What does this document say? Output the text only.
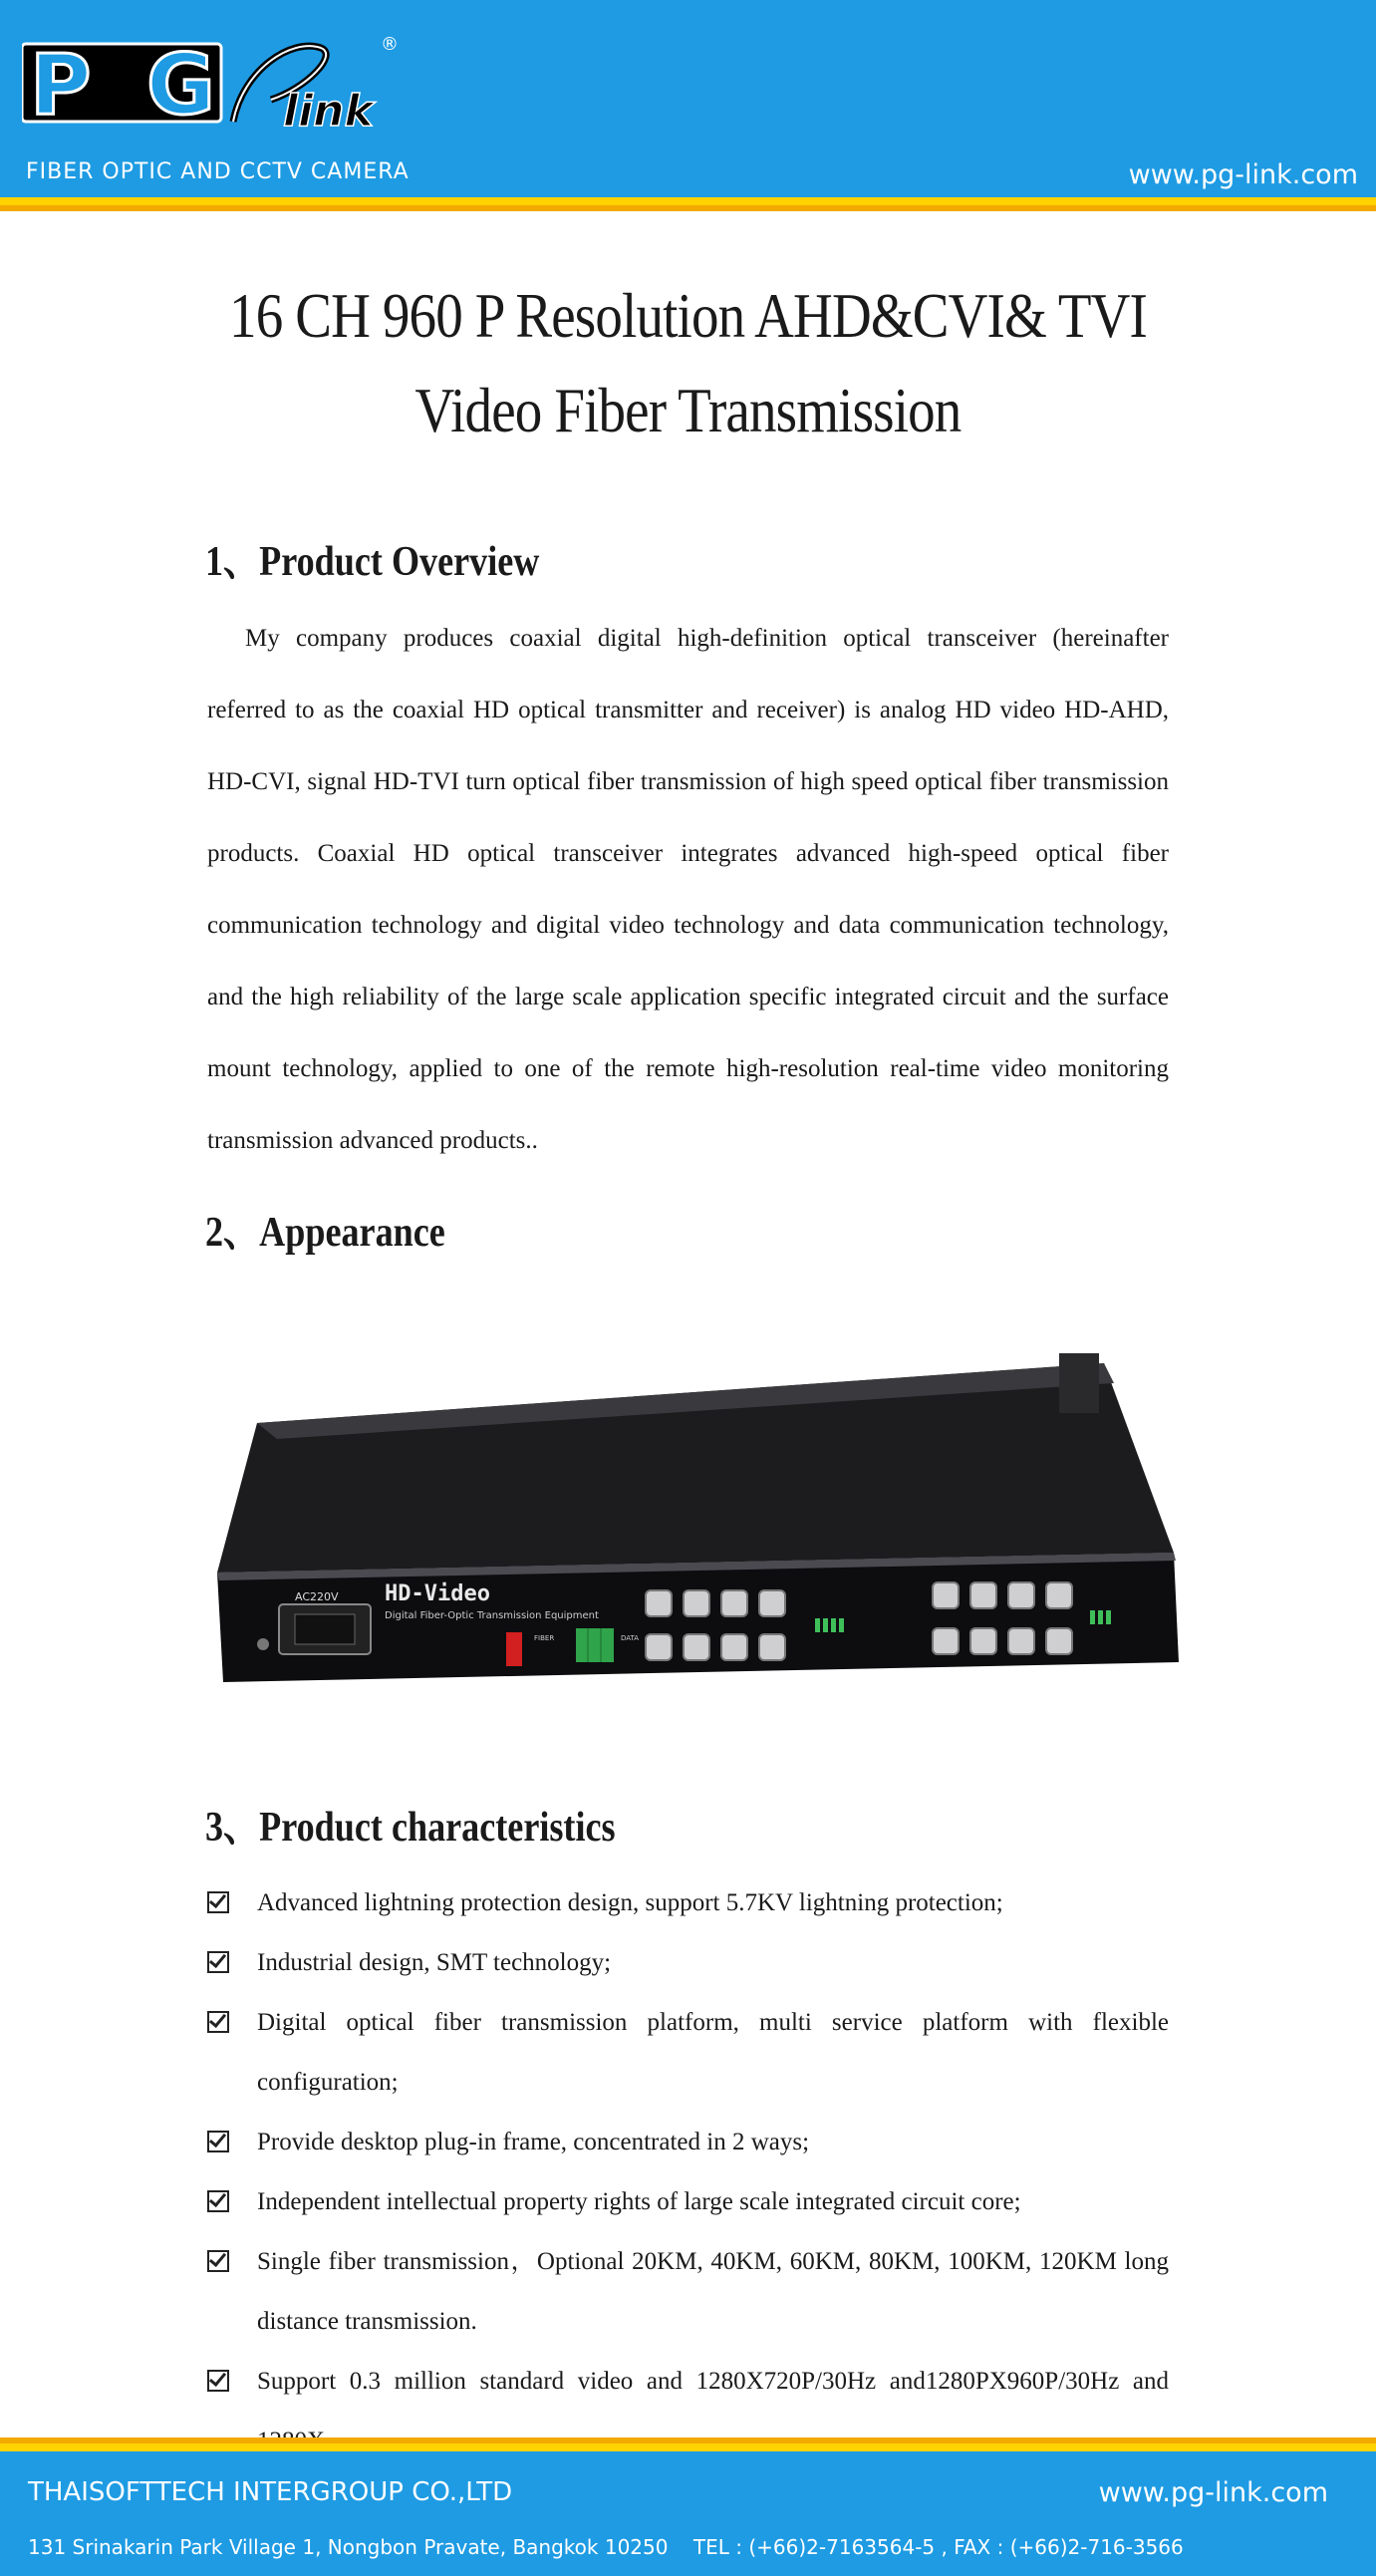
PG link
®
FIBER OPTIC AND CCTV CAMERA	www.pg-link.com
16 CH 960 P Resolution AHD&CVI& TVI
Video Fiber Transmission
1、Product Overview

My company produces coaxial digital high-definition optical transceiver (hereinafter referred to as the coaxial HD optical transmitter and receiver) is analog HD video HD-AHD, HD-CVI, signal HD-TVI turn optical fiber transmission of high speed optical fiber transmission products. Coaxial HD optical transceiver integrates advanced high-speed optical fiber communication technology and digital video technology and data communication technology, and the high reliability of the large scale application specific integrated circuit and the surface mount technology, applied to one of the remote high-resolution real-time video monitoring transmission advanced products..

2、Appearance
AC220V HD-Video
Digital Fiber-Optic Transmission Equipment
FIBER	DATA
3、Product characteristics
Advanced lightning protection design, support 5.7KV lightning protection;
Industrial design, SMT technology;
Digital optical fiber transmission platform, multi service platform with flexible configuration;
Provide desktop plug-in frame, concentrated in 2 ways;
Independent intellectual property rights of large scale integrated circuit core;
Single fiber transmission，Optional 20KM, 40KM, 60KM, 80KM, 100KM, 120KM long distance transmission.
Support 0.3 million standard video and 1280X720P/30Hz and1280PX960P/30Hz and
THAISOFTTECH INTERGROUP CO.,LTD	www.pg-link.com
131 Srinakarin Park Village 1, Nongbon Pravate, Bangkok 10250 TEL : (+66)2-7163564-5 , FAX : (+66)2-716-3566
